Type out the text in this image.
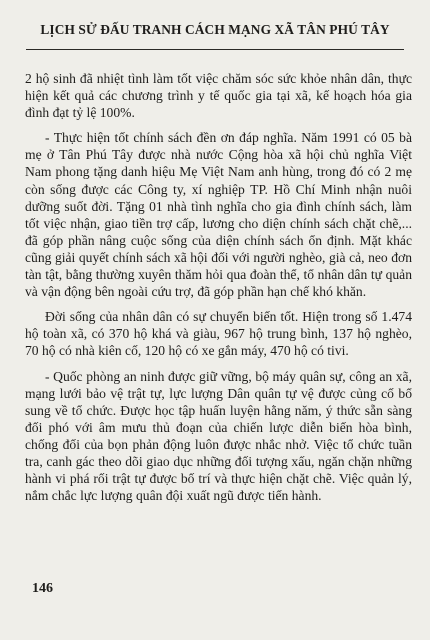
LỊCH SỬ ĐẤU TRANH CÁCH MẠNG XÃ TÂN PHÚ TÂY

2 hộ sinh đã nhiệt tình làm tốt việc chăm sóc sức khỏe nhân dân, thực hiện kết quả các chương trình y tế quốc gia tại xã, kế hoạch hóa gia đình đạt tỷ lệ 100%.

- Thực hiện tốt chính sách đền ơn đáp nghĩa. Năm 1991 có 05 bà mẹ ở Tân Phú Tây được nhà nước Cộng hòa xã hội chủ nghĩa Việt Nam phong tặng danh hiệu Mẹ Việt Nam anh hùng, trong đó có 2 mẹ còn sống được các Công ty, xí nghiệp TP. Hồ Chí Minh nhận nuôi dưỡng suốt đời. Tặng 01 nhà tình nghĩa cho gia đình chính sách, làm tốt việc nhận, giao tiền trợ cấp, lương cho diện chính sách chặt chẽ,... đã góp phần nâng cuộc sống của diện chính sách ổn định. Mặt khác cũng giải quyết chính sách xã hội đối với người nghèo, già cả, neo đơn tàn tật, bằng thường xuyên thăm hỏi qua đoàn thể, tổ nhân dân tự quản và vận động bên ngoài cứu trợ, đã góp phần hạn chế khó khăn.

Đời sống của nhân dân có sự chuyển biến tốt. Hiện trong số 1.474 hộ toàn xã, có 370 hộ khá và giàu, 967 hộ trung bình, 137 hộ nghèo, 70 hộ có nhà kiên cố, 120 hộ có xe gắn máy, 470 hộ có tivi.

- Quốc phòng an ninh được giữ vững, bộ máy quân sự, công an xã, mạng lưới bảo vệ trật tự, lực lượng Dân quân tự vệ được củng cố bổ sung về tổ chức. Được học tập huấn luyện hằng năm, ý thức sẵn sàng đối phó với âm mưu thủ đoạn của chiến lược diễn biến hòa bình, chống đối của bọn phản động luôn được nhắc nhở. Việc tổ chức tuần tra, canh gác theo dõi giao dục những đối tượng xấu, ngăn chặn những hành vi phá rối trật tự được bố trí và thực hiện chặt chẽ. Việc quản lý, nắm chắc lực lượng quân đội xuất ngũ được tiến hành.

146
